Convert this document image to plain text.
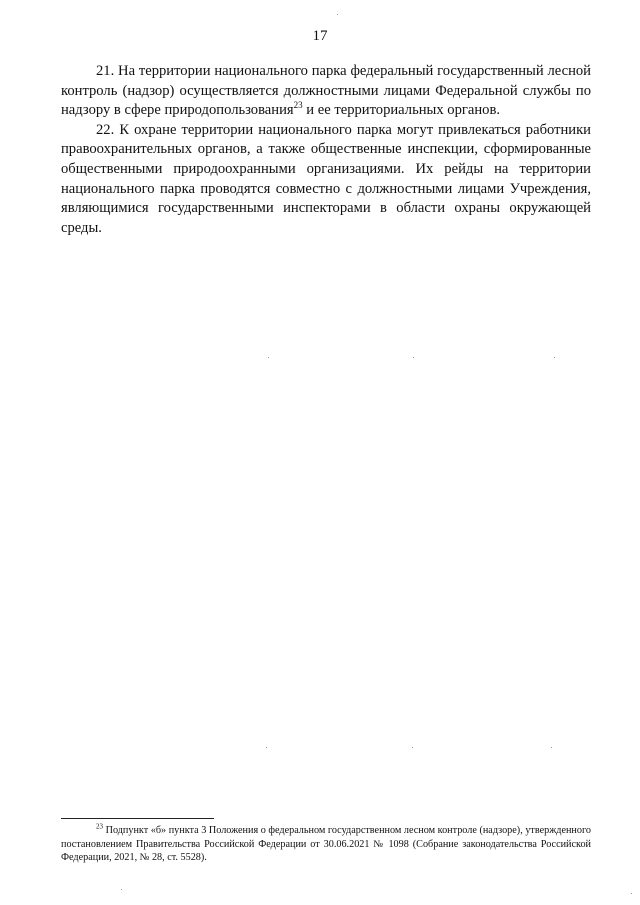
17

21. На территории национального парка федеральный государственный лесной контроль (надзор) осуществляется должностными лицами Федеральной службы по надзору в сфере природопользования$^{23}$ и ее территориальных органов.

22. К охране территории национального парка могут привлекаться работники правоохранительных органов, а также общественные инспекции, сформированные общественными природоохранными организациями. Их рейды на территории национального парка проводятся совместно с должностными лицами Учреждения, являющимися государственными инспекторами в области охраны окружающей среды.

$^{23}$ Подпункт «б» пункта 3 Положения о федеральном государственном лесном контроле (надзоре), утвержденного постановлением Правительства Российской Федерации от 30.06.2021 № 1098 (Собрание законодательства Российской Федерации, 2021, № 28, ст. 5528).
